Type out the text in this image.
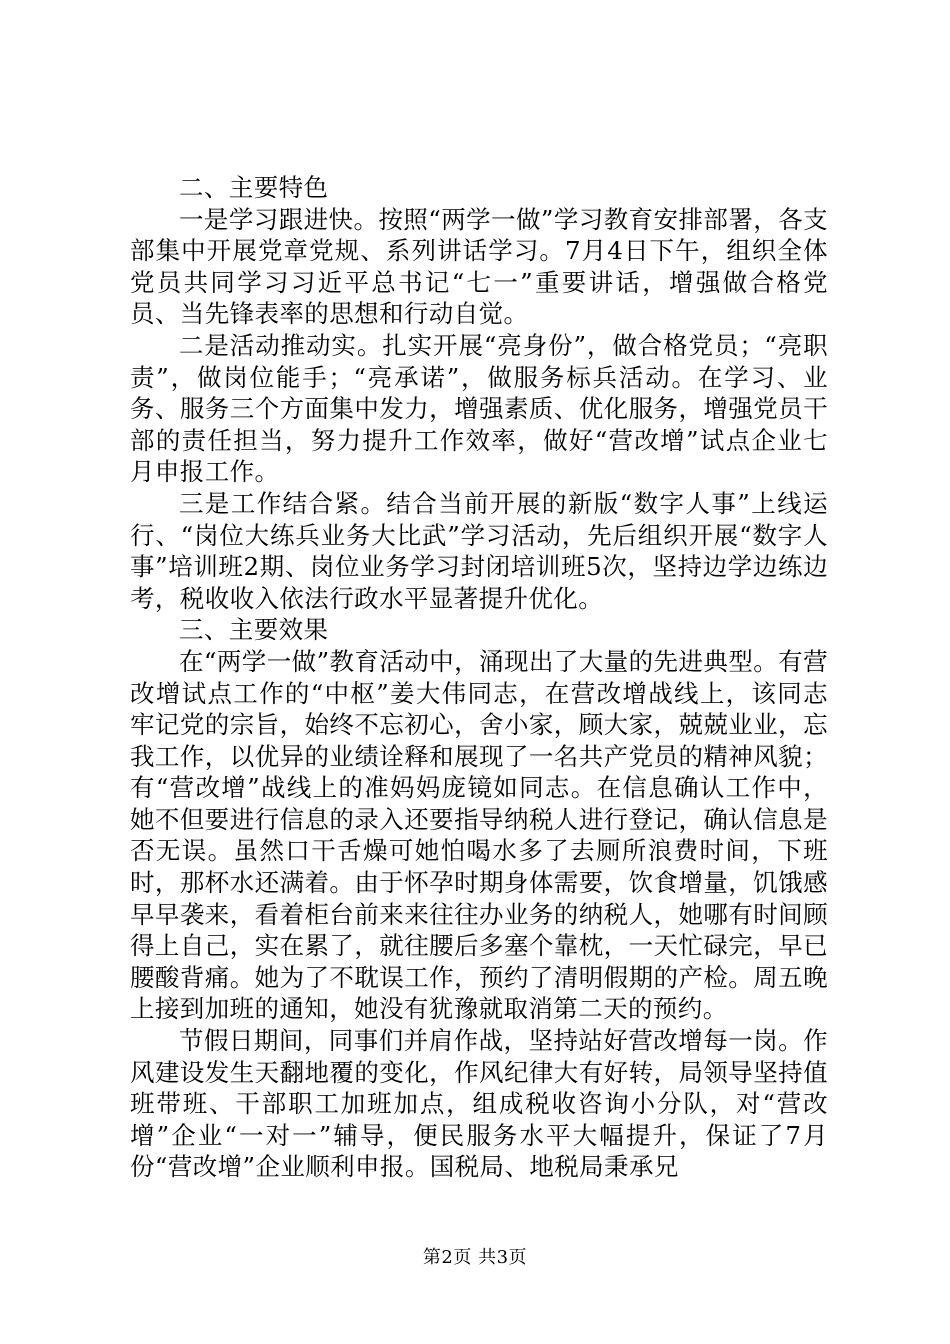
二、主要特色

一是学习跟进快。按照“两学一做”学习教育安排部署，各支部集中开展党章党规、系列讲话学习。7月4日下午，组织全体党员共同学习习近平总书记“七一”重要讲话，增强做合格党员、当先锋表率的思想和行动自觉。

二是活动推动实。扎实开展“亮身份”，做合格党员；“亮职责”，做岗位能手；“亮承诺”，做服务标兵活动。在学习、业务、服务三个方面集中发力，增强素质、优化服务，增强党员干部的责任担当，努力提升工作效率，做好“营改增”试点企业七月申报工作。

三是工作结合紧。结合当前开展的新版“数字人事”上线运行、“岗位大练兵业务大比武”学习活动，先后组织开展“数字人事”培训班2期、岗位业务学习封闭培训班5次，坚持边学边练边考，税收收入依法行政水平显著提升优化。

三、主要效果

在“两学一做”教育活动中，涌现出了大量的先进典型。有营改增试点工作的“中枢”姜大伟同志，在营改增战线上，该同志牢记党的宗旨，始终不忘初心，舍小家，顾大家，兢兢业业，忘我工作，以优异的业绩诠释和展现了一名共产党员的精神风貌；有“营改增”战线上的准妈妈庞镜如同志。在信息确认工作中，她不但要进行信息的录入还要指导纳税人进行登记，确认信息是否无误。虽然口干舌燥可她怕喝水多了去厕所浪费时间，下班时，那杯水还满着。由于怀孕时期身体需要，饮食增量，饥饿感早早袭来，看着柜台前来来往往办业务的纳税人，她哪有时间顾得上自己，实在累了，就往腰后多塞个靠枕，一天忙碌完，早已腰酸背痛。她为了不耽误工作，预约了清明假期的产检。周五晚上接到加班的通知，她没有犹豫就取消第二天的预约。

节假日期间，同事们并肩作战，坚持站好营改增每一岗。作风建设发生天翻地覆的变化，作风纪律大有好转，局领导坚持值班带班、干部职工加班加点，组成税收咨询小分队，对“营改增”企业“一对一”辅导，便民服务水平大幅提升，保证了7月份“营改增”企业顺利申报。国税局、地税局秉承兄

第2页 共3页
